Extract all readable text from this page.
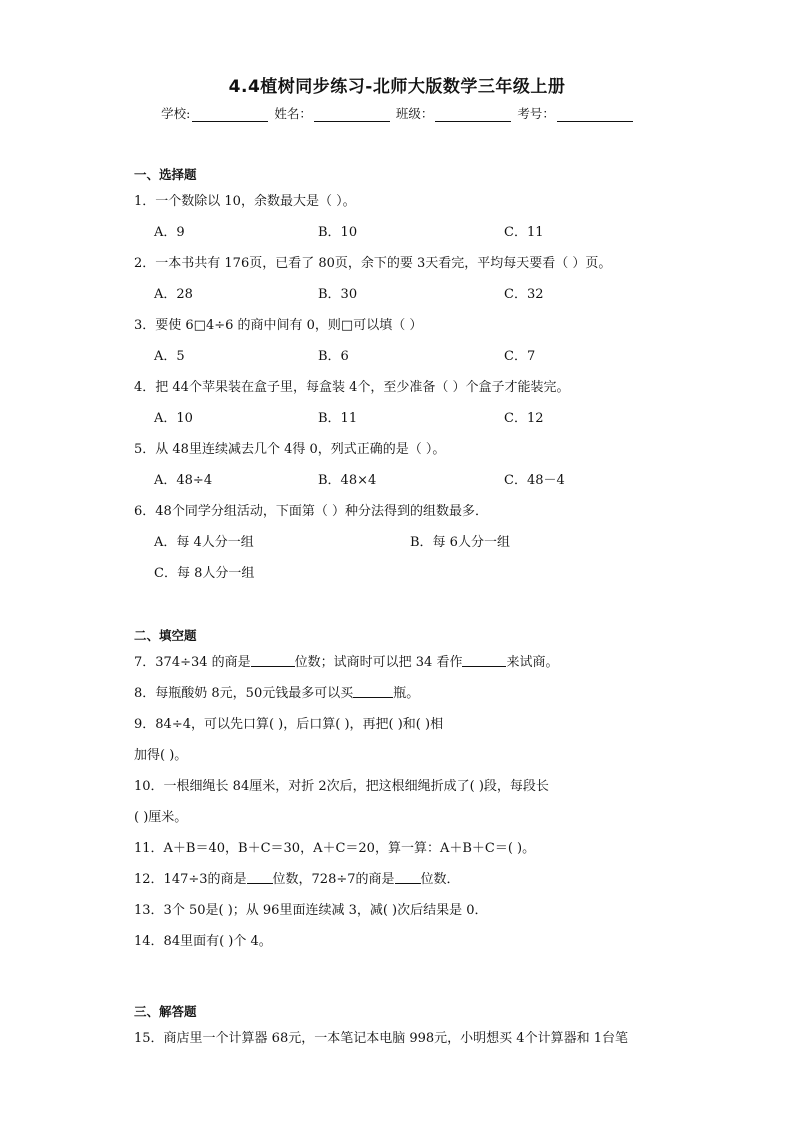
4.4植树同步练习-北师大版数学三年级上册
学校:	姓名：	班级：	考号：
一、选择题
1．一个数除以 10，余数最大是（ ）。
A．9	B．10	C．11
2．一本书共有 176页，已看了 80页，余下的要 3天看完，平均每天要看（ ）页。
A．28	B．30	C．32
3．要使 6□4÷6 的商中间有 0，则□可以填（ ）
A．5	B．6	C．7
4．把 44个苹果装在盒子里，每盒装 4个，至少准备（ ）个盒子才能装完。
A．10	B．11	C．12
5．从 48里连续减去几个 4得 0，列式正确的是（ ）。
A．48÷4	B．48×4	C．48－4
6．48个同学分组活动，下面第（ ）种分法得到的组数最多．
A．每 4人分一组	B．每 6人分一组
C．每 8人分一组
二、填空题
7．374÷34 的商是	位数；试商时可以把 34 看作	来试商。
8．每瓶酸奶 8元，50元钱最多可以买	瓶。
9．84÷4，可以先口算( )，后口算( )，再把( )和( )相
加得( )。
10．一根细绳长 84厘米，对折 2次后，把这根细绳折成了( )段，每段长
( )厘米。
11．A＋B＝40，B＋C＝30，A＋C＝20，算一算：A＋B＋C＝( )。
12．147÷3的商是 位数，728÷7的商是 位数．
13．3个 50是( )；从 96里面连续减 3，减( )次后结果是 0．
14．84里面有( )个 4。
三、解答题
15．商店里一个计算器 68元，一本笔记本电脑 998元，小明想买 4个计算器和 1台笔
